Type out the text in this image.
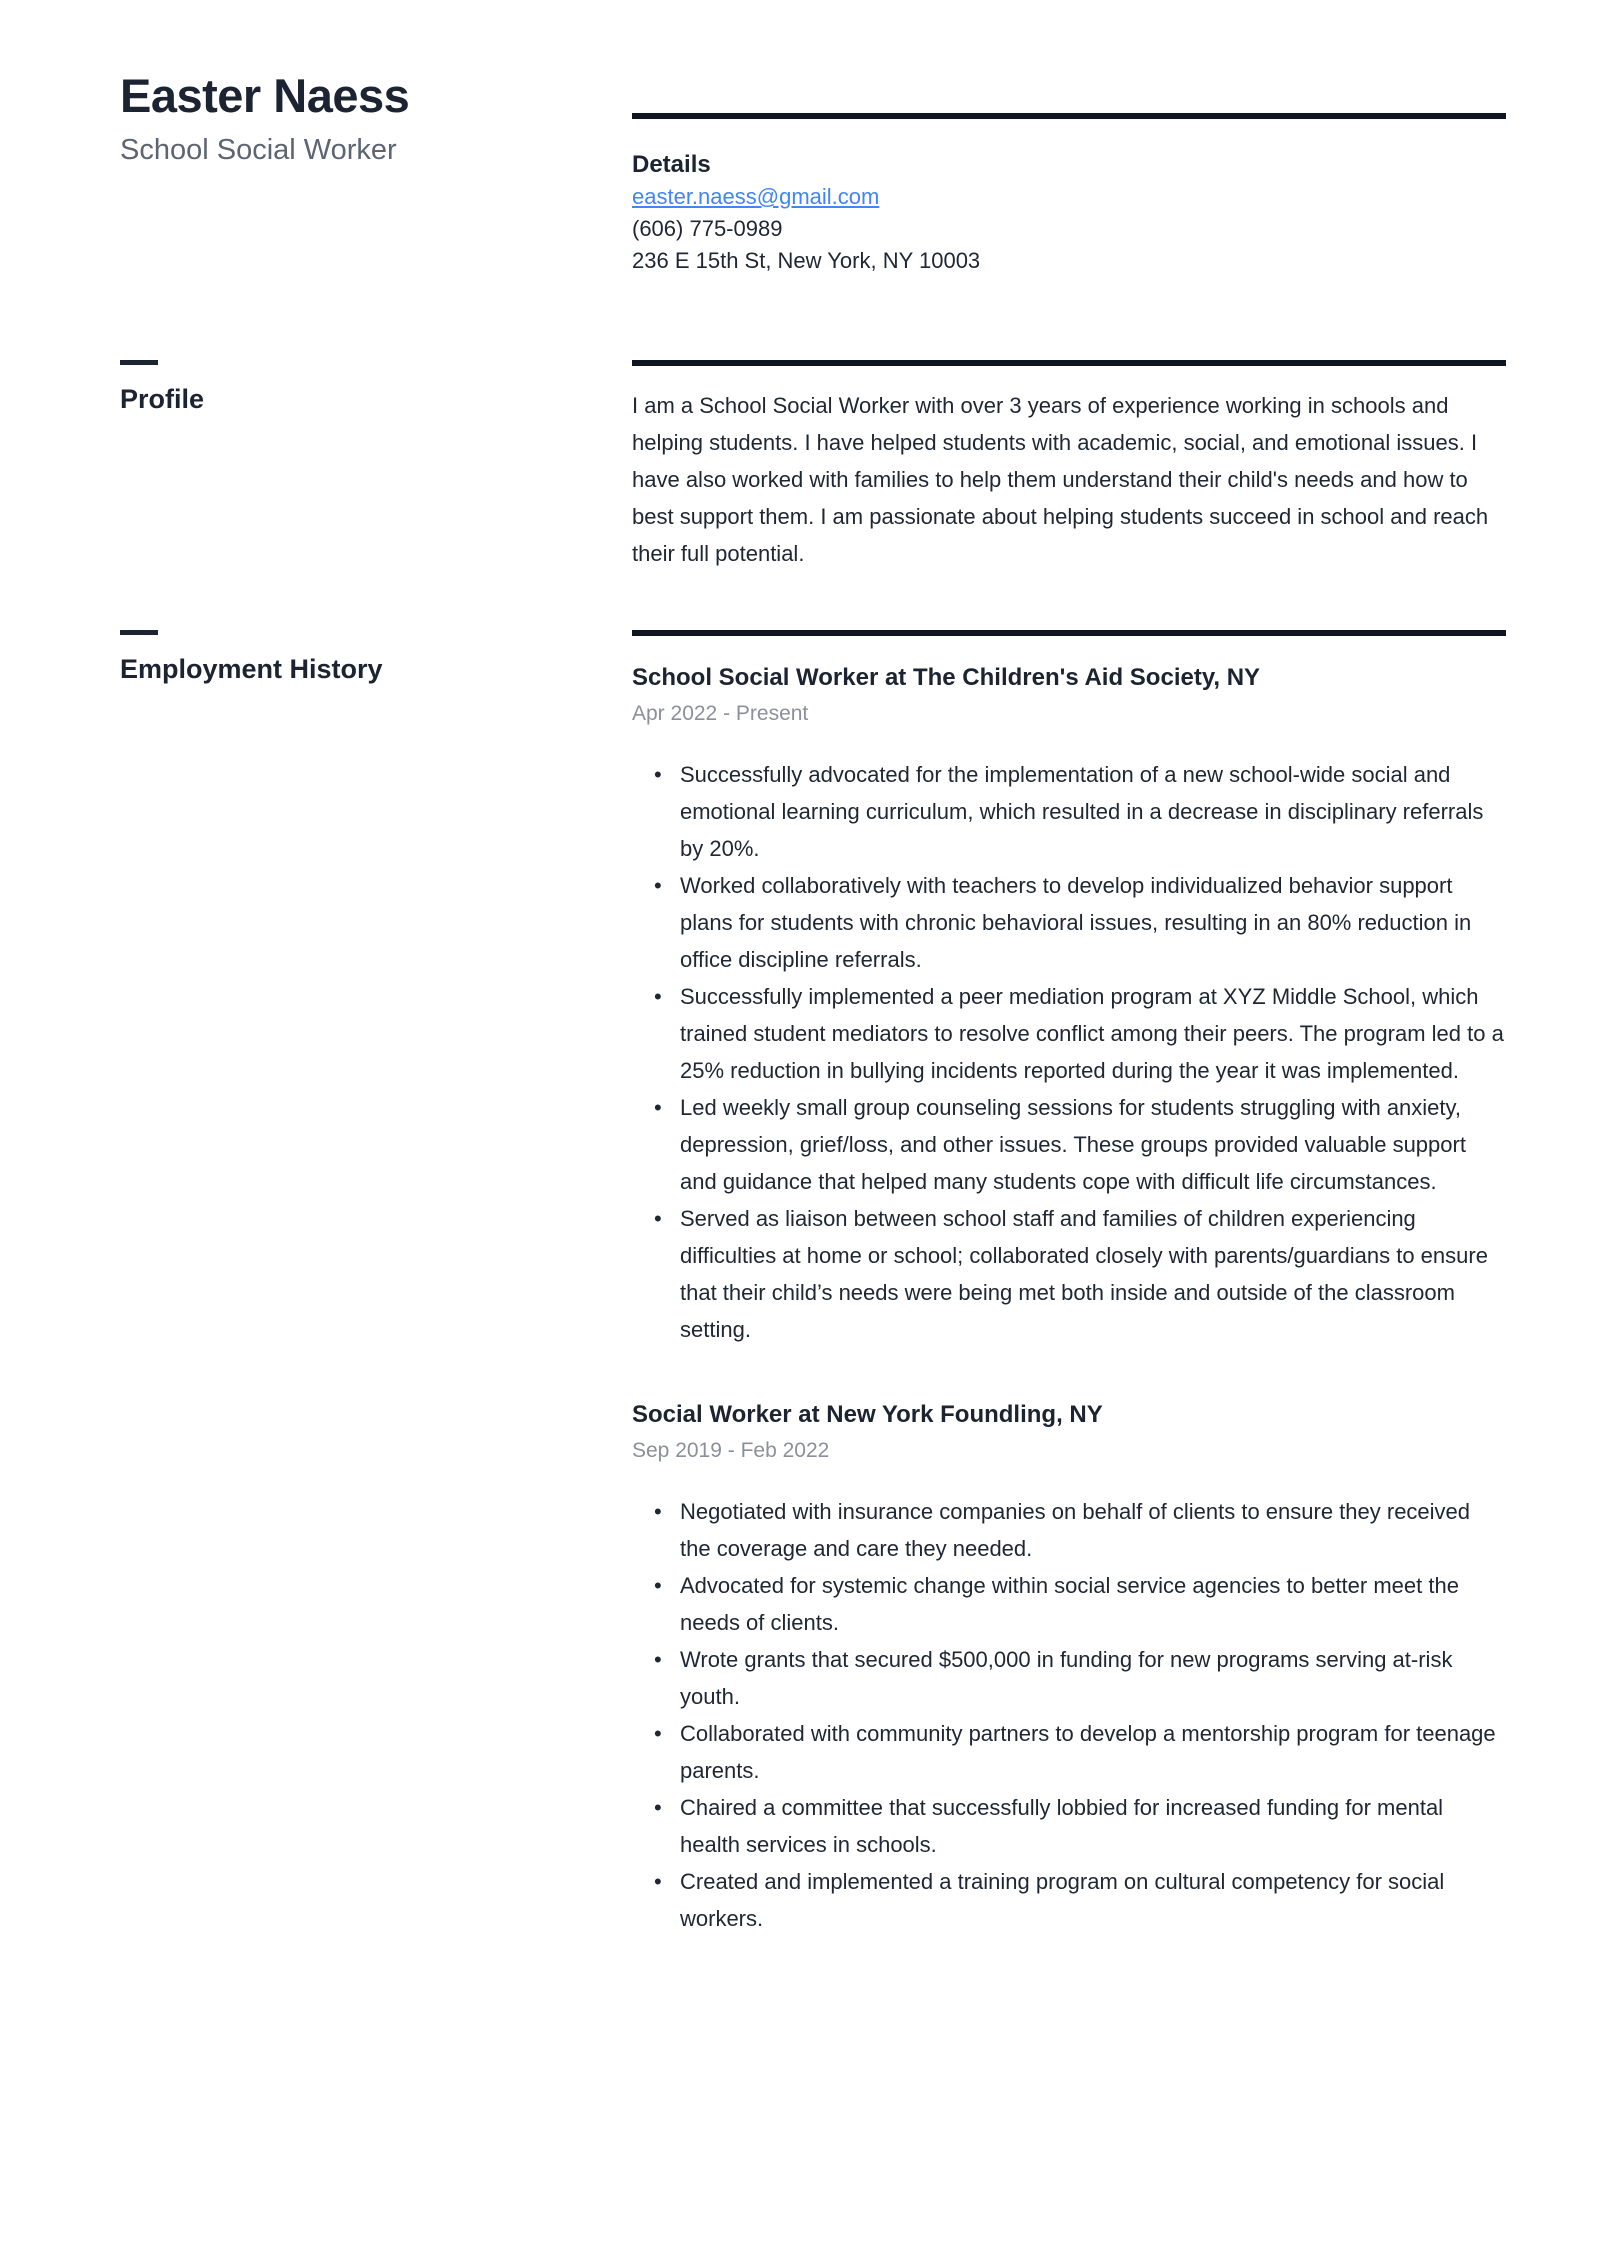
Easter Naess
School Social Worker	Details
easter.naess@gmail.com
(606) 775-0989
236 E 15th St, New York, NY 10003
Profile	I am a School Social Worker with over 3 years of experience working in schools and helping students. I have helped students with academic, social, and emotional issues. I have also worked with families to help them understand their child's needs and how to best support them. I am passionate about helping students succeed in school and reach their full potential.
Employment History	School Social Worker at The Children's Aid Society, NY
Apr 2022 - Present
• Successfully advocated for the implementation of a new school-wide social and emotional learning curriculum, which resulted in a decrease in disciplinary referrals by 20%.
• Worked collaboratively with teachers to develop individualized behavior support plans for students with chronic behavioral issues, resulting in an 80% reduction in office discipline referrals.
• Successfully implemented a peer mediation program at XYZ Middle School, which trained student mediators to resolve conflict among their peers. The program led to a 25% reduction in bullying incidents reported during the year it was implemented.
• Led weekly small group counseling sessions for students struggling with anxiety, depression, grief/loss, and other issues. These groups provided valuable support and guidance that helped many students cope with difficult life circumstances.
• Served as liaison between school staff and families of children experiencing difficulties at home or school; collaborated closely with parents/guardians to ensure that their child’s needs were being met both inside and outside of the classroom setting.
Social Worker at New York Foundling, NY
Sep 2019 - Feb 2022
• Negotiated with insurance companies on behalf of clients to ensure they received the coverage and care they needed.
• Advocated for systemic change within social service agencies to better meet the needs of clients.
• Wrote grants that secured $500,000 in funding for new programs serving at-risk youth.
• Collaborated with community partners to develop a mentorship program for teenage parents.
• Chaired a committee that successfully lobbied for increased funding for mental health services in schools.
• Created and implemented a training program on cultural competency for social workers.
